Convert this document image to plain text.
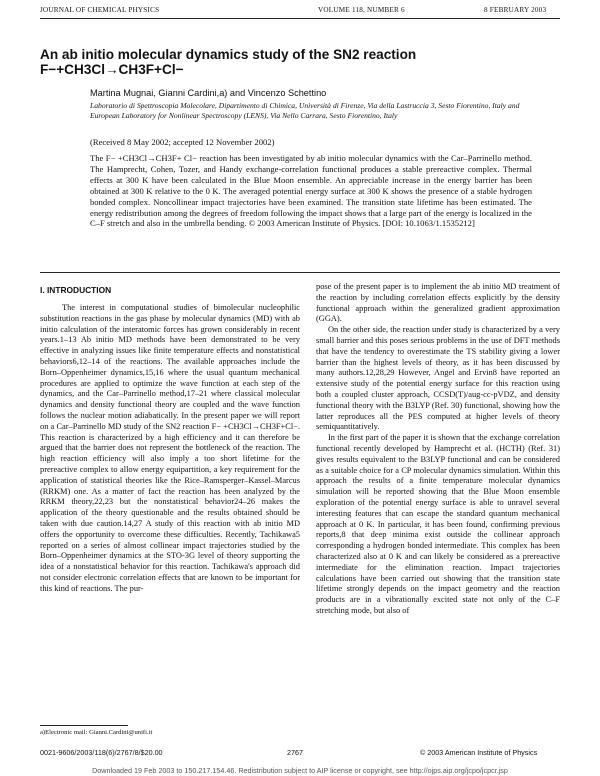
JOURNAL OF CHEMICAL PHYSICS	VOLUME 118, NUMBER 6	8 FEBRUARY 2003
An ab initio molecular dynamics study of the SN2 reaction
F−+CH3Cl→CH3F+Cl−
Martina Mugnai, Gianni Cardini,a) and Vincenzo Schettino
Laboratorio di Spettroscopia Molecolare, Dipartimento di Chimica, Università di Firenze, Via della Lastruccia 3, Sesto Fiorentino, Italy and European Laboratory for Nonlinear Spectroscopy (LENS), Via Nello Carrara, Sesto Fiorentino, Italy
(Received 8 May 2002; accepted 12 November 2002)
The F− +CH3Cl→CH3F+ Cl− reaction has been investigated by ab initio molecular dynamics with the Car–Parrinello method. The Hamprecht, Cohen, Tozer, and Handy exchange-correlation functional produces a stable prereactive complex. Thermal effects at 300 K have been calculated in the Blue Moon ensemble. An appreciable increase in the energy barrier has been obtained at 300 K relative to the 0 K. The averaged potential energy surface at 300 K shows the presence of a stable hydrogen bonded complex. Noncollinear impact trajectories have been examined. The transition state lifetime has been estimated. The energy redistribution among the degrees of freedom following the impact shows that a large part of the energy is localized in the C–F stretch and also in the umbrella bending. © 2003 American Institute of Physics. [DOI: 10.1063/1.1535212]
I. INTRODUCTION
The interest in computational studies of bimolecular nucleophilic substitution reactions in the gas phase by molecular dynamics (MD) with ab initio calculation of the interatomic forces has grown considerably in recent years.1–13 Ab initio MD methods have been demonstrated to be very effective in analyzing issues like finite temperature effects and nonstatistical behaviors6,12–14 of the reactions. The available approaches include the Born–Oppenheimer dynamics,15,16 where the usual quantum mechanical procedures are applied to optimize the wave function at each step of the dynamics, and the Car–Parrinello method,17–21 where classical molecular dynamics and density functional theory are coupled and the wave function follows the nuclear motion adiabatically. In the present paper we will report on a Car–Parrinello MD study of the SN2 reaction F− +CH3Cl→CH3F+Cl−. This reaction is characterized by a high efficiency and it can therefore be argued that the barrier does not represent the bottleneck of the reaction. The high reaction efficiency will also imply a too short lifetime for the prereactive complex to allow energy equipartition, a key requirement for the application of statistical theories like the Rice–Ramsperger–Kassel–Marcus (RRKM) one. As a matter of fact the reaction has been analyzed by the RRKM theory,22,23 but the nonstatistical behavior24–26 makes the application of the theory questionable and the results obtained should be taken with due caution.14,27 A study of this reaction with ab initio MD offers the opportunity to overcome these difficulties. Recently, Tachikawa5 reported on a series of almost collinear impact trajectories studied by the Born–Oppenheimer dynamics at the STO-3G level of theory supporting the idea of a nonstatistical behavior for this reaction. Tachikawa's approach did not consider electronic correlation effects that are known to be important for this kind of reactions. The pur-

pose of the present paper is to implement the ab initio MD treatment of the reaction by including correlation effects explicitly by the density functional approach within the generalized gradient approximation (GGA).

On the other side, the reaction under study is characterized by a very small barrier and this poses serious problems in the use of DFT methods that have the tendency to overestimate the TS stability giving a lower barrier than the highest levels of theory, as it has been discussed by many authors.12,28,29 However, Angel and Ervin8 have reported an extensive study of the potential energy surface for this reaction using both a coupled cluster approach, CCSD(T)/aug-cc-pVDZ, and density functional theory with the B3LYP (Ref. 30) functional, showing how the latter reproduces all the PES computed at higher levels of theory semiquantitatively.

In the first part of the paper it is shown that the exchange correlation functional recently developed by Hamprecht et al. (HCTH) (Ref. 31) gives results equivalent to the B3LYP functional and can be considered as a suitable choice for a CP molecular dynamics simulation. Within this approach the results of a finite temperature molecular dynamics simulation will be reported showing that the Blue Moon ensemble exploration of the potential energy surface is able to unravel several interesting features that can escape the standard quantum mechanical approach at 0 K. In particular, it has been found, confirming previous reports,8 that deep minima exist outside the collinear approach corresponding a hydrogen bonded intermediate. This complex has been characterized also at 0 K and can likely be considered as a prereactive intermediate for the elimination reaction. Impact trajectories calculations have been carried out showing that the transition state lifetime strongly depends on the impact geometry and the reaction products are in a vibrationally excited state not only of the C–F stretching mode, but also of

a)Electronic mail: Gianni.Cardini@unifi.it
0021-9606/2003/118(6)/2767/8/$20.00	2767	© 2003 American Institute of Physics
Downloaded 19 Feb 2003 to 150.217.154.46. Redistribution subject to AIP license or copyright, see http://ojps.aip.org/jcpo/jcpcr.jsp
